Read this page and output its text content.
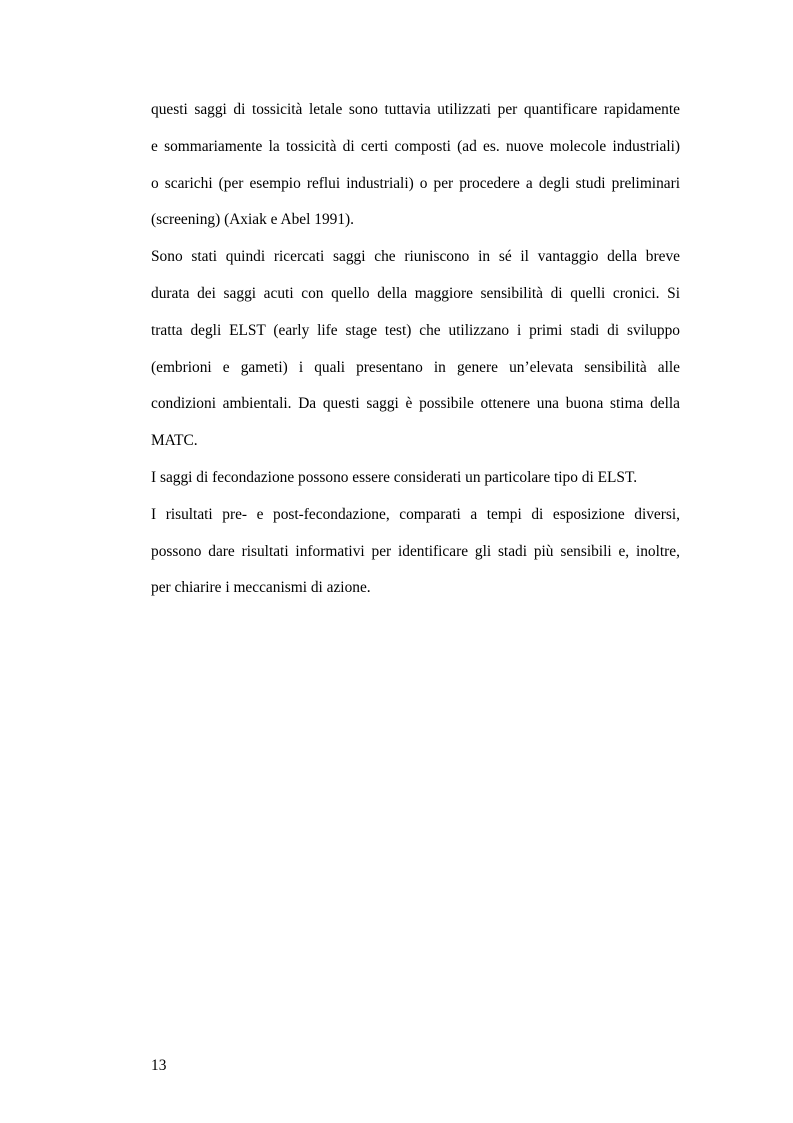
questi saggi di tossicità letale sono tuttavia utilizzati per quantificare rapidamente
e sommariamente la tossicità di certi composti (ad es. nuove molecole industriali)
o scarichi (per esempio reflui industriali) o per procedere a degli studi preliminari
(screening) (Axiak e Abel 1991).

Sono stati quindi ricercati saggi che riuniscono in sé il vantaggio della breve
durata dei saggi acuti con quello della maggiore sensibilità di quelli cronici. Si
tratta degli ELST (early life stage test) che utilizzano i primi stadi di sviluppo
(embrioni e gameti) i quali presentano in genere un’elevata sensibilità alle
condizioni ambientali. Da questi saggi è possibile ottenere una buona stima della
MATC.

I saggi di fecondazione possono essere considerati un particolare tipo di ELST.

I risultati pre- e post-fecondazione, comparati a tempi di esposizione diversi,
possono dare risultati informativi per identificare gli stadi più sensibili e, inoltre,
per chiarire i meccanismi di azione.

13
